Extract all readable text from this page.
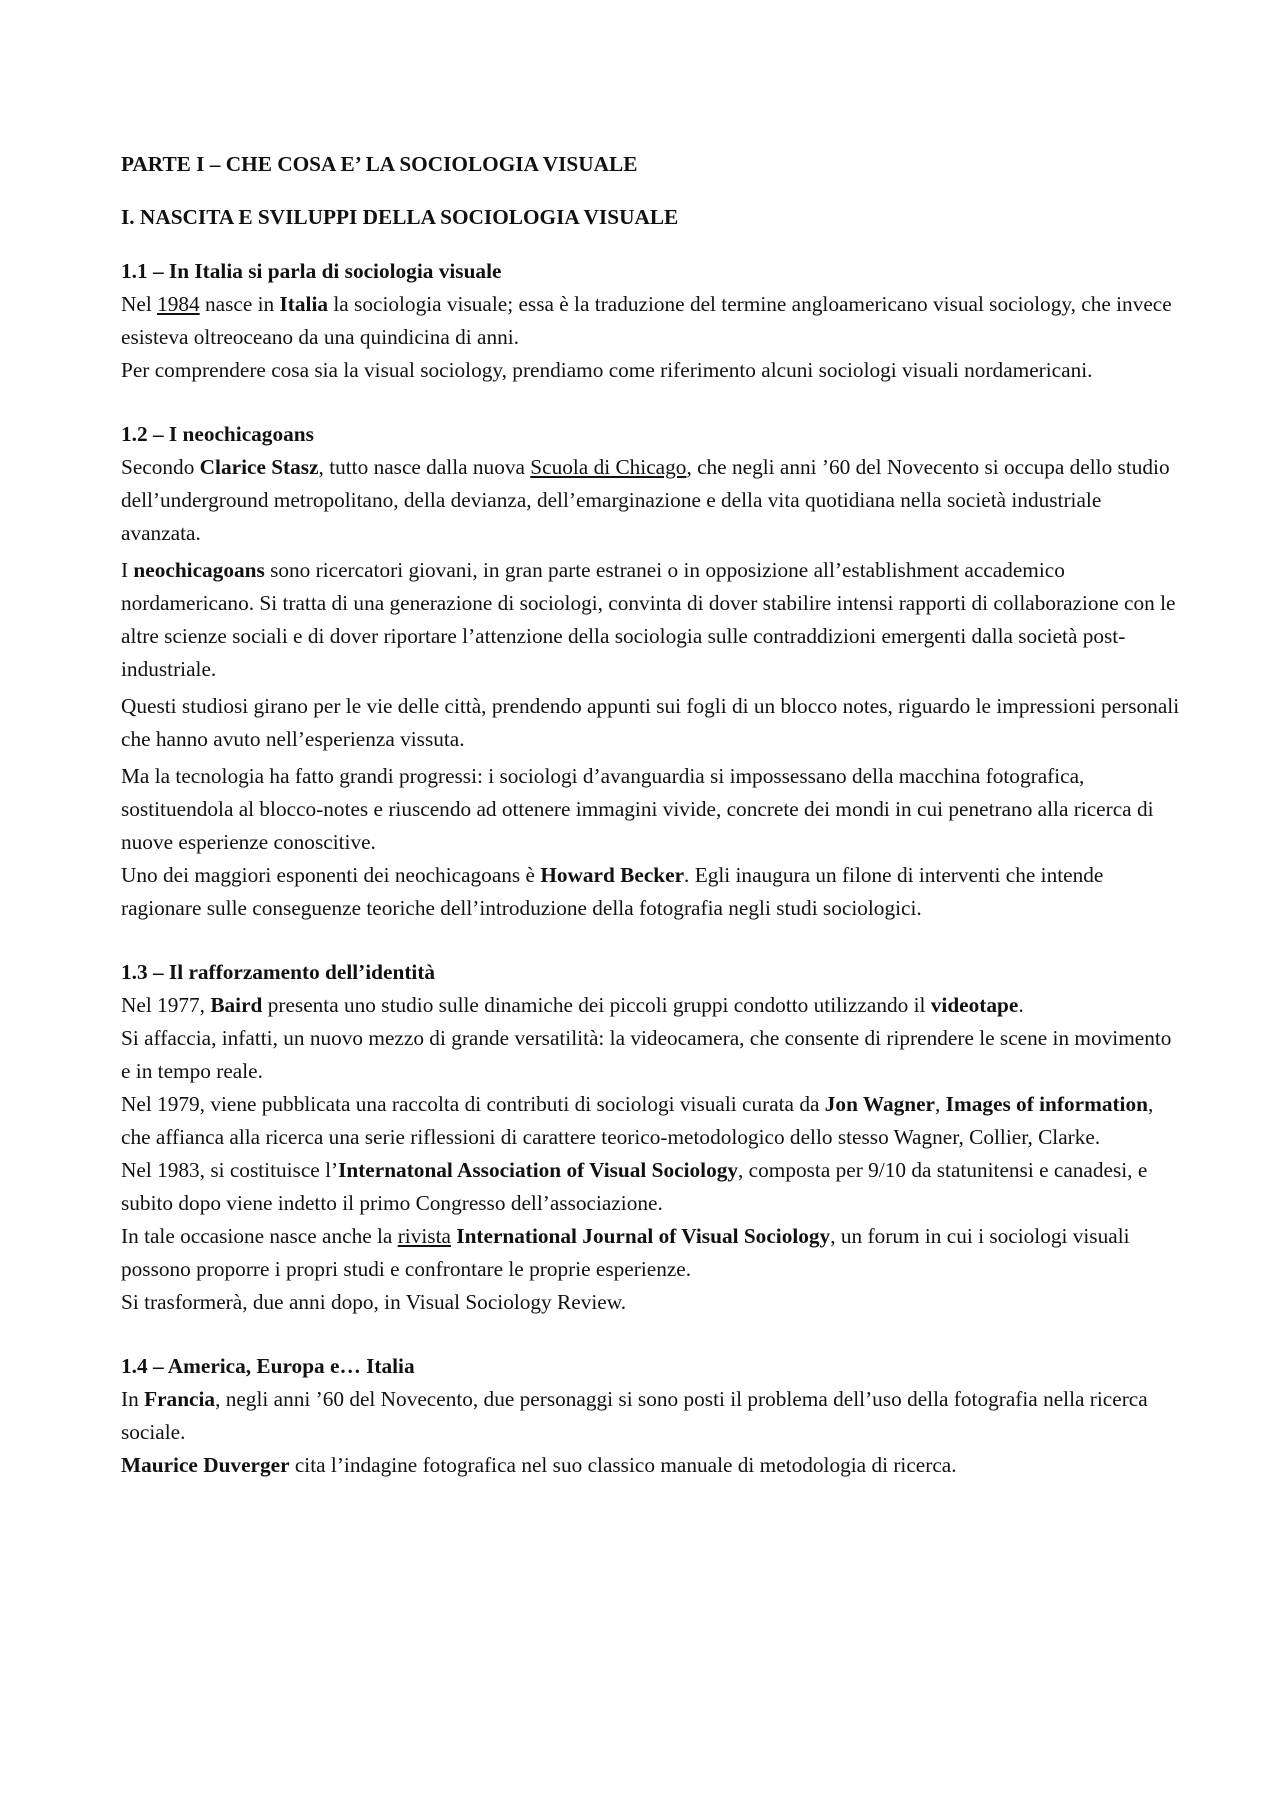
PARTE I – CHE COSA E’ LA SOCIOLOGIA VISUALE

I. NASCITA E SVILUPPI DELLA SOCIOLOGIA VISUALE

1.1 – In Italia si parla di sociologia visuale

Nel 1984 nasce in Italia la sociologia visuale; essa è la traduzione del termine angloamericano visual sociology, che invece esisteva oltreoceano da una quindicina di anni.

Per comprendere cosa sia la visual sociology, prendiamo come riferimento alcuni sociologi visuali nordamericani.

1.2 – I neochicagoans

Secondo Clarice Stasz, tutto nasce dalla nuova Scuola di Chicago, che negli anni ’60 del Novecento si occupa dello studio dell’underground metropolitano, della devianza, dell’emarginazione e della vita quotidiana nella società industriale avanzata.

I neochicagoans sono ricercatori giovani, in gran parte estranei o in opposizione all’establishment accademico nordamericano. Si tratta di una generazione di sociologi, convinta di dover stabilire intensi rapporti di collaborazione con le altre scienze sociali e di dover riportare l’attenzione della sociologia sulle contraddizioni emergenti dalla società post-industriale.

Questi studiosi girano per le vie delle città, prendendo appunti sui fogli di un blocco notes, riguardo le impressioni personali che hanno avuto nell’esperienza vissuta.

Ma la tecnologia ha fatto grandi progressi: i sociologi d’avanguardia si impossessano della macchina fotografica, sostituendola al blocco-notes e riuscendo ad ottenere immagini vivide, concrete dei mondi in cui penetrano alla ricerca di nuove esperienze conoscitive.

Uno dei maggiori esponenti dei neochicagoans è Howard Becker. Egli inaugura un filone di interventi che intende ragionare sulle conseguenze teoriche dell’introduzione della fotografia negli studi sociologici.

1.3 – Il rafforzamento dell’identità

Nel 1977, Baird presenta uno studio sulle dinamiche dei piccoli gruppi condotto utilizzando il videotape.

Si affaccia, infatti, un nuovo mezzo di grande versatilità: la videocamera, che consente di riprendere le scene in movimento e in tempo reale.

Nel 1979, viene pubblicata una raccolta di contributi di sociologi visuali curata da Jon Wagner, Images of information, che affianca alla ricerca una serie riflessioni di carattere teorico-metodologico dello stesso Wagner, Collier, Clarke.

Nel 1983, si costituisce l’Internatonal Association of Visual Sociology, composta per 9/10 da statunitensi e canadesi, e subito dopo viene indetto il primo Congresso dell’associazione.

In tale occasione nasce anche la rivista International Journal of Visual Sociology, un forum in cui i sociologi visuali possono proporre i propri studi e confrontare le proprie esperienze.

Si trasformerà, due anni dopo, in Visual Sociology Review.

1.4 – America, Europa e… Italia

In Francia, negli anni ’60 del Novecento, due personaggi si sono posti il problema dell’uso della fotografia nella ricerca sociale.

Maurice Duverger cita l’indagine fotografica nel suo classico manuale di metodologia di ricerca.
